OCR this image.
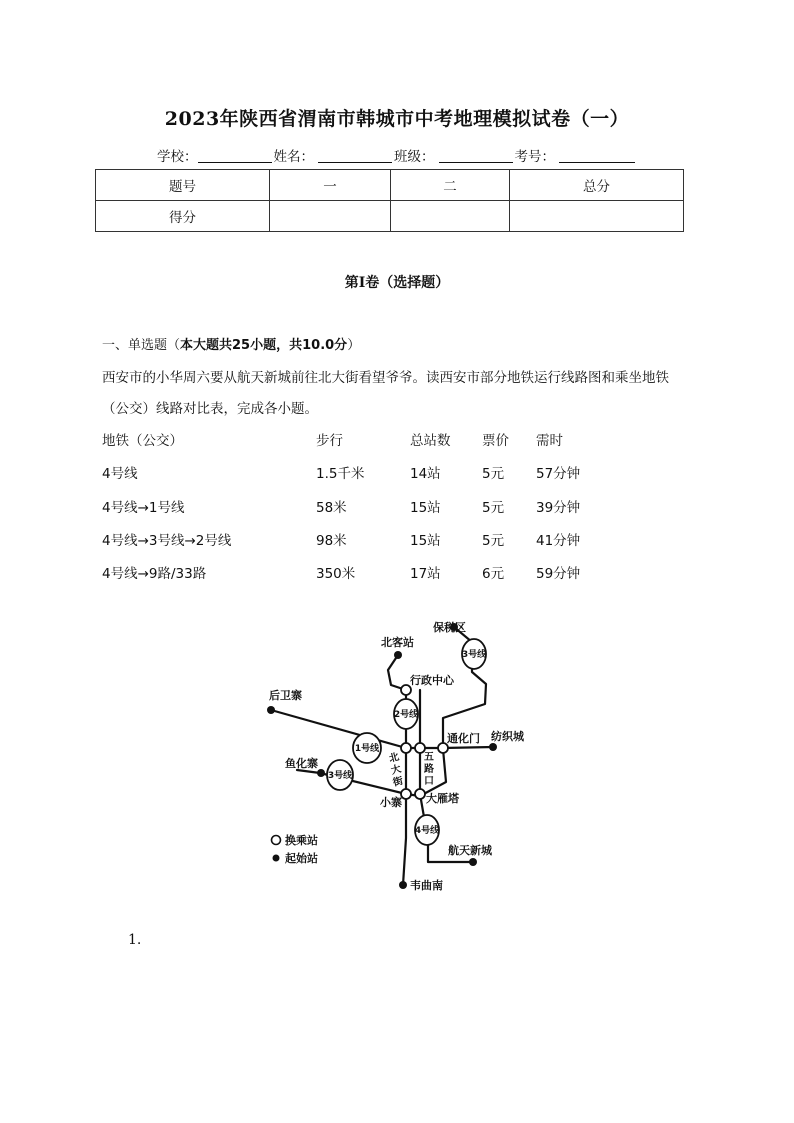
2023年陕西省渭南市韩城市中考地理模拟试卷（一）
学校：	姓名：	班级：	考号：
题号	一	二	总分
得分			
第I卷（选择题）
一、单选题（本大题共25小题，共10.0分）
西安市的小华周六要从航天新城前往北大街看望爷爷。读西安市部分地铁运行线路图和乘坐地铁
（公交）线路对比表，完成各小题。
地铁（公交）	步行	总站数 票价 需时
4号线	1.5千米	14站	5元 57分钟
4号线→1号线	58米	15站	5元 39分钟
4号线→3号线→2号线	98米	15站	5元 41分钟
4号线→9路/33路	350米	17站	6元 59分钟
3号线
2号线
1号线
3号线
4号线
北客站
保税区
行政中心
后卫寨
通化门 纺织城
鱼化寨
小寨 大雁塔
航天新城
韦曲南
北
大
街
五
路
口
换乘站
起始站
1.
